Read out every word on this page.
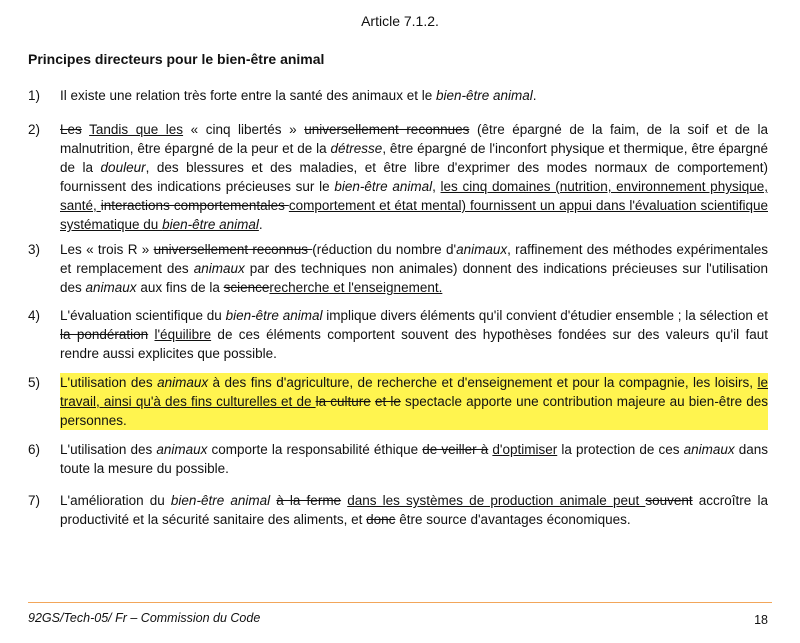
Article 7.1.2.
Principes directeurs pour le bien-être animal
1)	Il existe une relation très forte entre la santé des animaux et le bien-être animal.
2)	Les Tandis que les « cinq libertés » universellement reconnues (être épargné de la faim, de la soif et de la malnutrition, être épargné de la peur et de la détresse, être épargné de l'inconfort physique et thermique, être épargné de la douleur, des blessures et des maladies, et être libre d'exprimer des modes normaux de comportement) fournissent des indications précieuses sur le bien-être animal, les cinq domaines (nutrition, environnement physique, santé, interactions comportementales comportement et état mental) fournissent un appui dans l'évaluation scientifique systématique du bien-être animal.
3)	Les « trois R » universellement reconnus (réduction du nombre d'animaux, raffinement des méthodes expérimentales et remplacement des animaux par des techniques non animales) donnent des indications précieuses sur l'utilisation des animaux aux fins de la sciencerecherche et l'enseignement.
4)	L'évaluation scientifique du bien-être animal implique divers éléments qu'il convient d'étudier ensemble ; la sélection et la pondération l'équilibre de ces éléments comportent souvent des hypothèses fondées sur des valeurs qu'il faut rendre aussi explicites que possible.
5)	L'utilisation des animaux à des fins d'agriculture, de recherche et d'enseignement et pour la compagnie, les loisirs, le travail, ainsi qu'à des fins culturelles et de la culture et le spectacle apporte une contribution majeure au bien-être des personnes.
6)	L'utilisation des animaux comporte la responsabilité éthique de veiller à d'optimiser la protection de ces animaux dans toute la mesure du possible.
7)	L'amélioration du bien-être animal à la ferme dans les systèmes de production animale peut souvent accroître la productivité et la sécurité sanitaire des aliments, et donc être source d'avantages économiques.
92GS/Tech-05/ Fr – Commission du Code	18
